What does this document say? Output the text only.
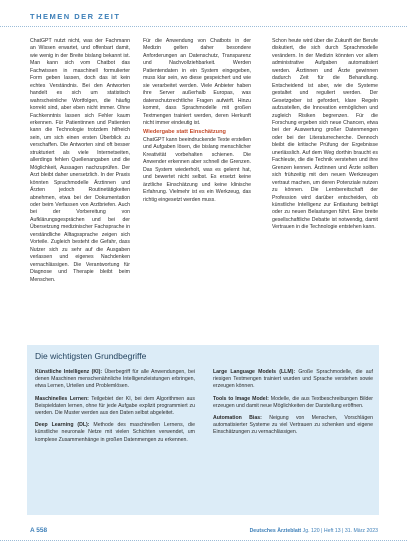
THEMEN DER ZEIT

ChatGPT nutzt nicht, was der Fachmann an Wissen erwartet, und offenbart damit, wie wenig in der Breite bislang bekannt ist. Man kann sich vom Chatbot das Fachwissen in maschinell formulierter Form geben lassen, doch das ist kein echtes Verständnis. Bei den Antworten handelt es sich um statistisch wahrscheinliche Wortfolgen, die häufig korrekt sind, aber eben nicht immer. Ohne Fachkenntnis lassen sich Fehler kaum erkennen. Für Patientinnen und Patienten kann die Technologie trotzdem hilfreich sein, um sich einen ersten Überblick zu verschaffen. Die Antworten sind oft besser strukturiert als viele Internetseiten, allerdings fehlen Quellenangaben und die Möglichkeit, Aussagen nachzuprüfen. Der Arzt bleibt daher unersetzlich. In der Praxis könnten Sprachmodelle Ärztinnen und Ärzten jedoch Routinetätigkeiten abnehmen, etwa bei der Dokumentation oder beim Verfassen von Arztbriefen. Auch bei der Vorbereitung von Aufklärungsgesprächen und bei der Übersetzung medizinischer Fachsprache in verständliche Alltagssprache zeigen sich Vorteile. Zugleich besteht die Gefahr, dass Nutzer sich zu sehr auf die Ausgaben verlassen und eigenes Nachdenken vernachlässigen. Die Verantwortung für Diagnose und Therapie bleibt beim Menschen.

Für die Anwendung von Chatbots in der Medizin gelten daher besondere Anforderungen an Datenschutz, Transparenz und Nachvollziehbarkeit. Werden Patientendaten in ein System eingegeben, muss klar sein, wo diese gespeichert und wie sie verarbeitet werden. Viele Anbieter haben ihre Server außerhalb Europas, was datenschutzrechtliche Fragen aufwirft. Hinzu kommt, dass Sprachmodelle mit großen Textmengen trainiert werden, deren Herkunft nicht immer eindeutig ist.

Wiedergabe statt Einschätzung

ChatGPT kann beeindruckende Texte erstellen und Aufgaben lösen, die bislang menschlicher Kreativität vorbehalten schienen. Die Anwender erkennen aber schnell die Grenzen. Das System wiederholt, was es gelernt hat, und bewertet nicht selbst. Es ersetzt keine ärztliche Einschätzung und keine klinische Erfahrung. Vielmehr ist es ein Werkzeug, das richtig eingesetzt werden muss.

Schon heute wird über die Zukunft der Berufe diskutiert, die sich durch Sprachmodelle verändern. In der Medizin könnten vor allem administrative Aufgaben automatisiert werden. Ärztinnen und Ärzte gewinnen dadurch Zeit für die Behandlung. Entscheidend ist aber, wie die Systeme gestaltet und reguliert werden. Der Gesetzgeber ist gefordert, klare Regeln aufzustellen, die Innovation ermöglichen und zugleich Risiken begrenzen. Für die Forschung ergeben sich neue Chancen, etwa bei der Auswertung großer Datenmengen oder bei der Literaturrecherche. Dennoch bleibt die kritische Prüfung der Ergebnisse unerlässlich. Auf dem Weg dorthin braucht es Fachleute, die die Technik verstehen und ihre Grenzen kennen. Ärztinnen und Ärzte sollten sich frühzeitig mit den neuen Werkzeugen vertraut machen, um deren Potenziale nutzen zu können. Die Lernbereitschaft der Profession wird darüber entscheiden, ob künstliche Intelligenz zur Entlastung beiträgt oder zu neuen Belastungen führt. Eine breite gesellschaftliche Debatte ist notwendig, damit Vertrauen in die Technologie entstehen kann.

Die wichtigsten Grundbegriffe

Künstliche Intelligenz (KI): Überbegriff für alle Anwendungen, bei denen Maschinen menschenähnliche Intelligenzleistungen erbringen, etwa Lernen, Urteilen und Problemlösen.

Maschinelles Lernen: Teilgebiet der KI, bei dem Algorithmen aus Beispieldaten lernen, ohne für jede Aufgabe explizit programmiert zu werden. Die Muster werden aus den Daten selbst abgeleitet.

Deep Learning (DL): Methode des maschinellen Lernens, die künstliche neuronale Netze mit vielen Schichten verwendet, um komplexe Zusammenhänge in großen Datenmengen zu erkennen.

Large Language Models (LLM): Große Sprachmodelle, die auf riesigen Textmengen trainiert wurden und Sprache verstehen sowie erzeugen können.

Tools to Image Model: Modelle, die aus Textbeschreibungen Bilder erzeugen und damit neue Möglichkeiten der Darstellung eröffnen.

Automation Bias: Neigung von Menschen, Vorschlägen automatisierter Systeme zu viel Vertrauen zu schenken und eigene Einschätzungen zu vernachlässigen.

A 558	Deutsches Ärzteblatt Jg. 120 | Heft 13 | 31. März 2023
